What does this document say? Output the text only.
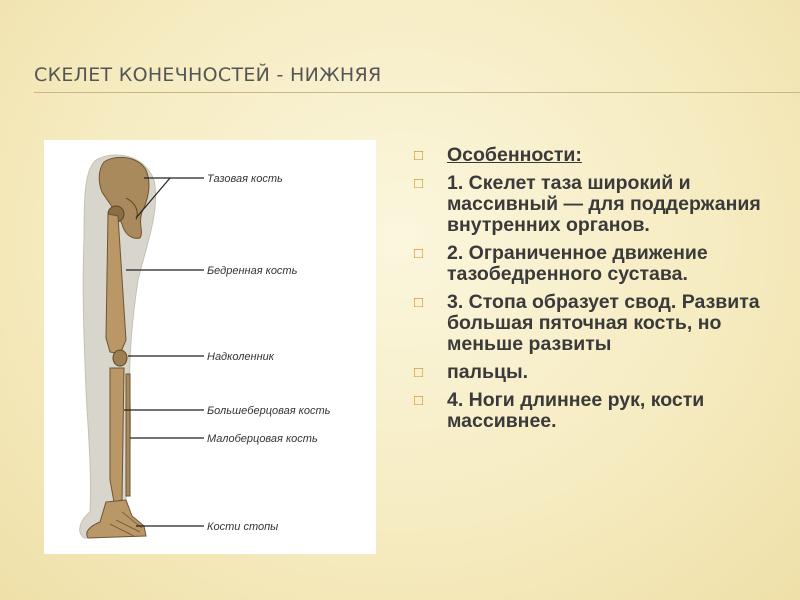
СКЕЛЕТ КОНЕЧНОСТЕЙ - НИЖНЯЯ
Тазовая кость
Бедренная кость
Надколенник
Большеберцовая кость
Малоберцовая кость
Кости стопы
□ Особенности:
□ 1. Скелет таза широкий и массивный — для поддержания внутренних органов.
□ 2. Ограниченное движение тазобедренного сустава.
□ 3. Стопа образует свод. Развита большая пяточная кость, но меньше развиты
□ пальцы.
□ 4. Ноги длиннее рук, кости массивнее.
